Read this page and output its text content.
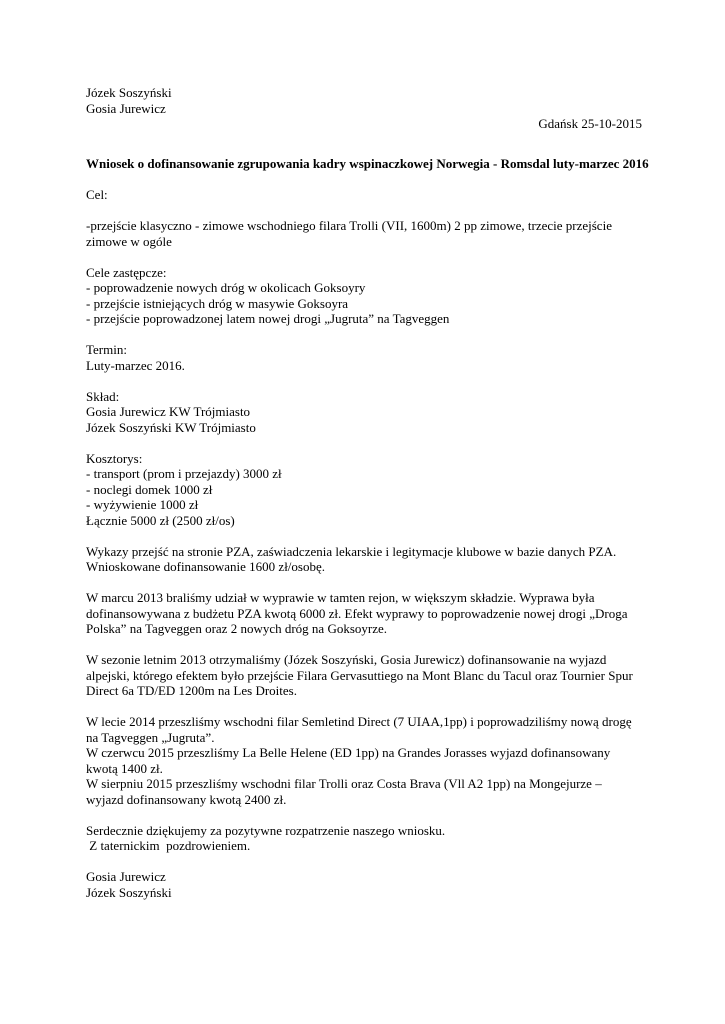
Józek Soszyński
Gosia Jurewicz
Gdańsk 25-10-2015
Wniosek o dofinansowanie zgrupowania kadry wspinaczkowej Norwegia - Romsdal luty-marzec 2016
Cel:
-przejście klasyczno - zimowe wschodniego filara Trolli (VII, 1600m) 2 pp zimowe, trzecie przejście zimowe w ogóle
Cele zastępcze:
- poprowadzenie nowych dróg w okolicach Goksoyry
- przejście istniejących dróg w masywie Goksoyra
- przejście poprowadzonej latem nowej drogi „Jugruta” na Tagveggen
Termin:
Luty-marzec 2016.
Skład:
Gosia Jurewicz KW Trójmiasto
Józek Soszyński KW Trójmiasto
Kosztorys:
- transport (prom i przejazdy) 3000 zł
- noclegi domek 1000 zł
- wyżywienie 1000 zł
Łącznie 5000 zł (2500 zł/os)
Wykazy przejść na stronie PZA, zaświadczenia lekarskie i legitymacje klubowe w bazie danych PZA. Wnioskowane dofinansowanie 1600 zł/osobę.
W marcu 2013 braliśmy udział w wyprawie w tamten rejon, w większym składzie. Wyprawa była dofinansowywana z budżetu PZA kwotą 6000 zł. Efekt wyprawy to poprowadzenie nowej drogi „Droga Polska” na Tagveggen oraz 2 nowych dróg na Goksoyrze.
W sezonie letnim 2013 otrzymaliśmy (Józek Soszyński, Gosia Jurewicz) dofinansowanie na wyjazd alpejski, którego efektem było przejście Filara Gervasuttiego na Mont Blanc du Tacul oraz Tournier Spur Direct 6a TD/ED 1200m na Les Droites.
W lecie 2014 przeszliśmy wschodni filar Semletind Direct (7 UIAA,1pp) i poprowadziliśmy nową drogę na Tagveggen „Jugruta”.
W czerwcu 2015 przeszliśmy La Belle Helene (ED 1pp) na Grandes Jorasses wyjazd dofinansowany kwotą 1400 zł.
W sierpniu 2015 przeszliśmy wschodni filar Trolli oraz Costa Brava (Vll A2 1pp) na Mongejurze – wyjazd dofinansowany kwotą 2400 zł.
Serdecznie dziękujemy za pozytywne rozpatrzenie naszego wniosku.
Z taternickim  pozdrowieniem.
Gosia Jurewicz
Józek Soszyński
